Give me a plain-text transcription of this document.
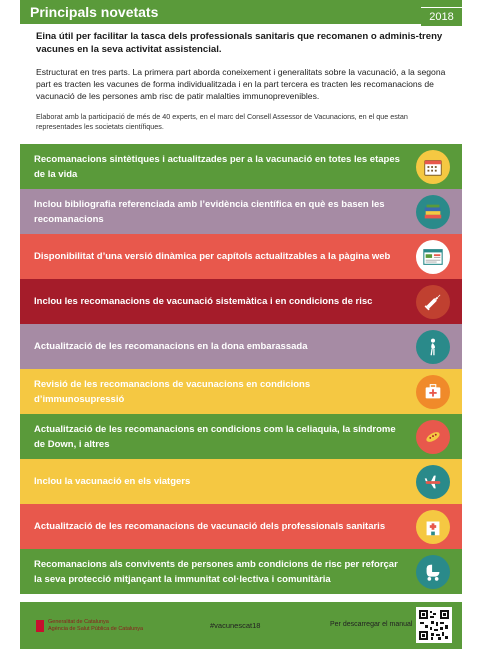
Principals novetats	2018

Eina útil per facilitar la tasca dels professionals sanitaris que recomanen o adminis-treny vacunes en la seva activitat assistencial.

Estructurat en tres parts. La primera part aborda coneixement i generalitats sobre la vacunació, a la segona part es tracten les vacunes de forma individualitzada i en la part tercera es tracten les recomanacions de vacunació de les persones amb risc de patir malalties immunoprevenibles.

Elaborat amb la participació de més de 40 experts, en el marc del Consell Assessor de Vacunacions, en el que estan representades les societats científiques.

Recomanacions sintètiques i actualitzades per a la vacunació en totes les etapes de la vida
Inclou bibliografia referenciada amb l’evidència científica en què es basen les recomanacions
Disponibilitat d’una versió dinàmica per capítols actualitzables a la pàgina web
Inclou les recomanacions de vacunació sistemàtica i en condicions de risc
Actualització de les recomanacions en la dona embarassada
Revisió de les recomanacions de vacunacions en condicions d’immunosupressió
Actualització de les recomanacions en condicions com la celiaquia, la síndrome de Down, i altres
Inclou la vacunació en els viatgers
Actualització de les recomanacions de vacunació dels professionals sanitaris
Recomanacions als convivents de persones amb condicions de risc per reforçar la seva protecció mitjançant la immunitat col·lectiva i comunitària
Generalitat de Catalunya
Agència de Salut Pública de Catalunya	#vacunescat18	Per descarregar el manual
